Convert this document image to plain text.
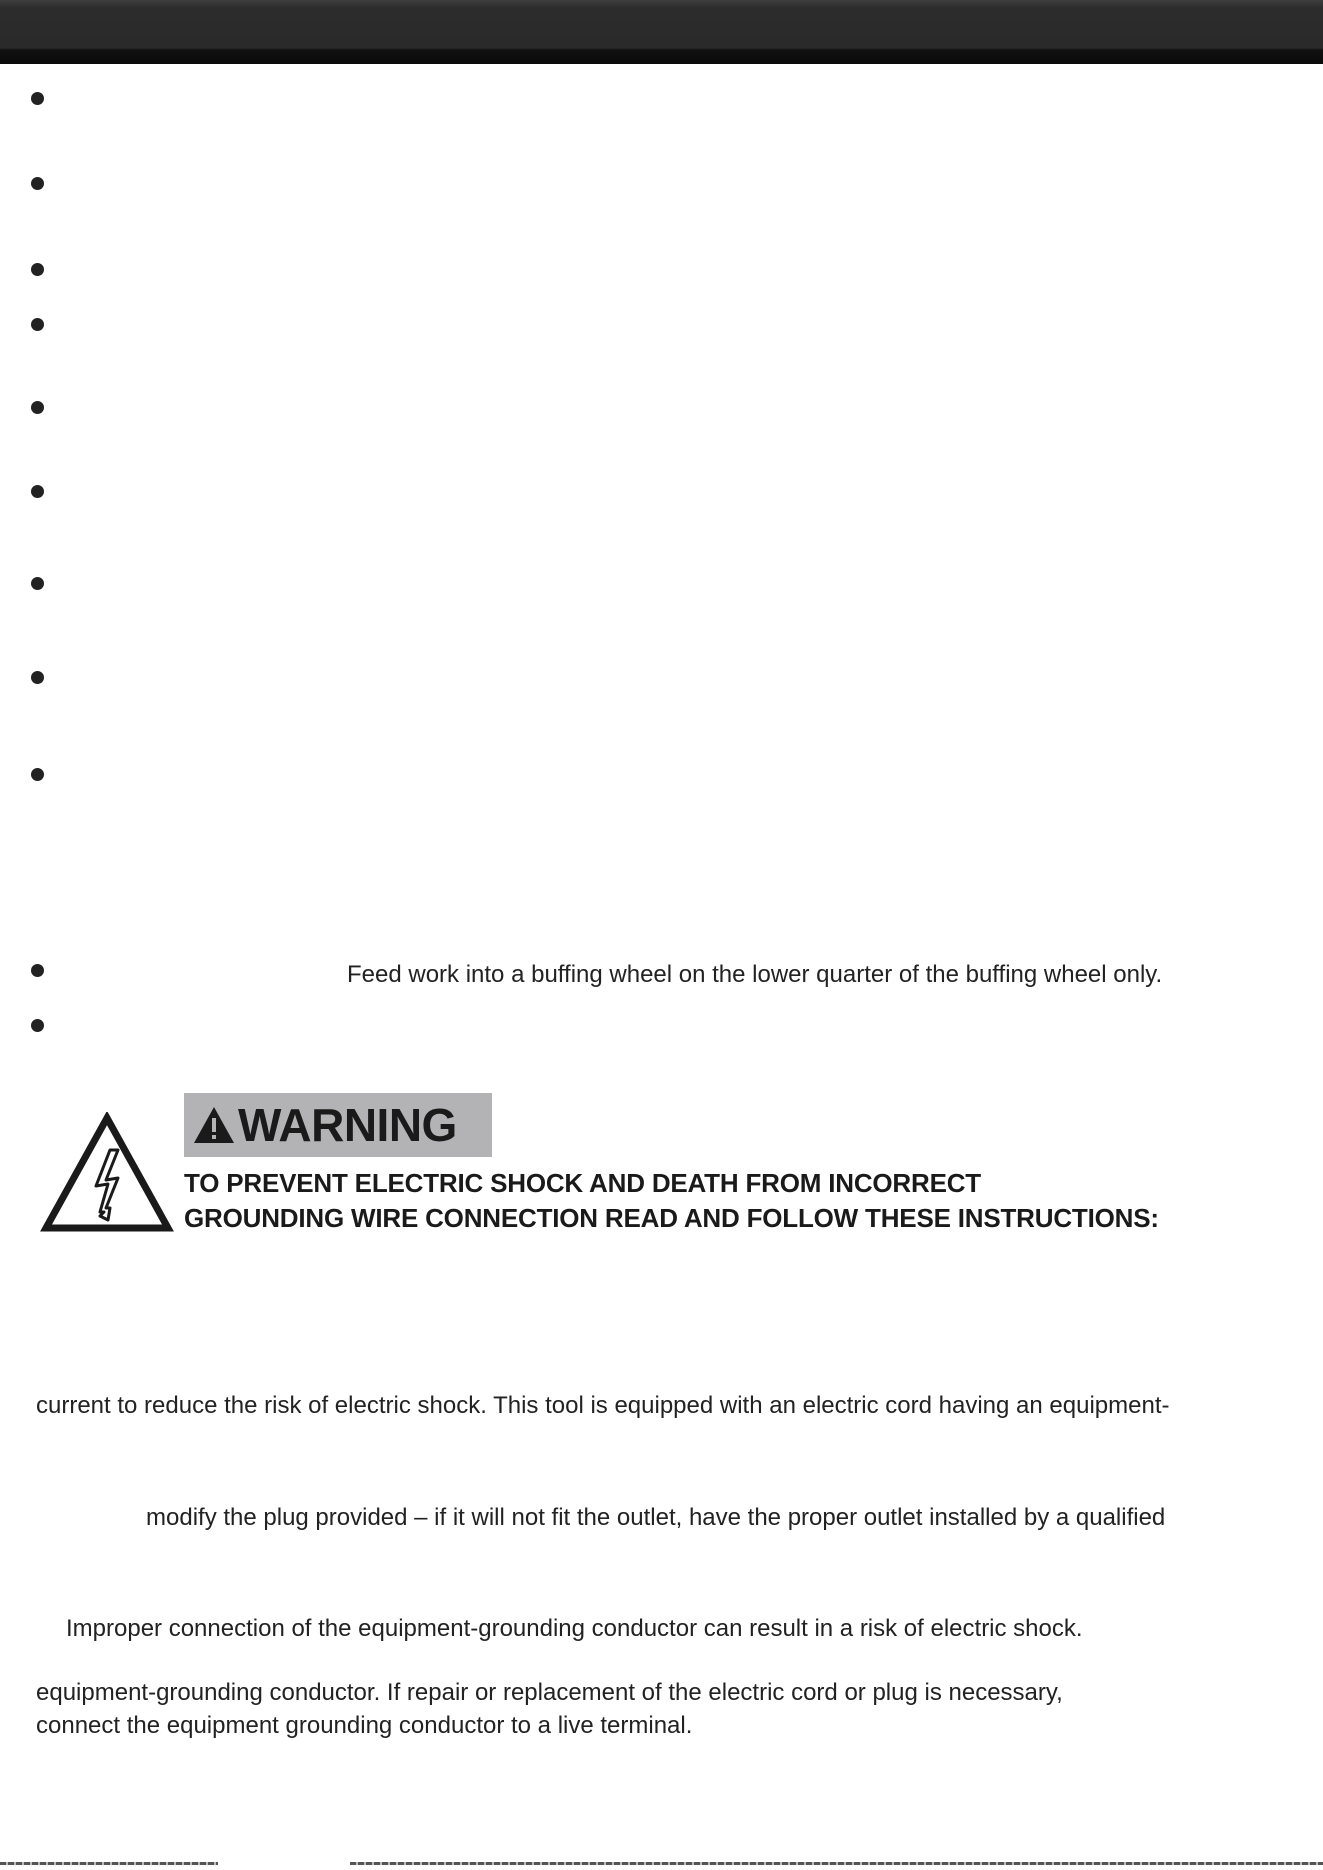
Feed work into a buffing wheel on the lower quarter of the buffing wheel only.
WARNING
TO PREVENT ELECTRIC SHOCK AND DEATH FROM INCORRECT
GROUNDING WIRE CONNECTION READ AND FOLLOW THESE INSTRUCTIONS:
current to reduce the risk of electric shock. This tool is equipped with an electric cord having an equipment-
modify the plug provided – if it will not fit the outlet, have the proper outlet installed by a qualified
Improper connection of the equipment-grounding conductor can result in a risk of electric shock.
equipment-grounding conductor. If repair or replacement of the electric cord or plug is necessary,
connect the equipment grounding conductor to a live terminal.
